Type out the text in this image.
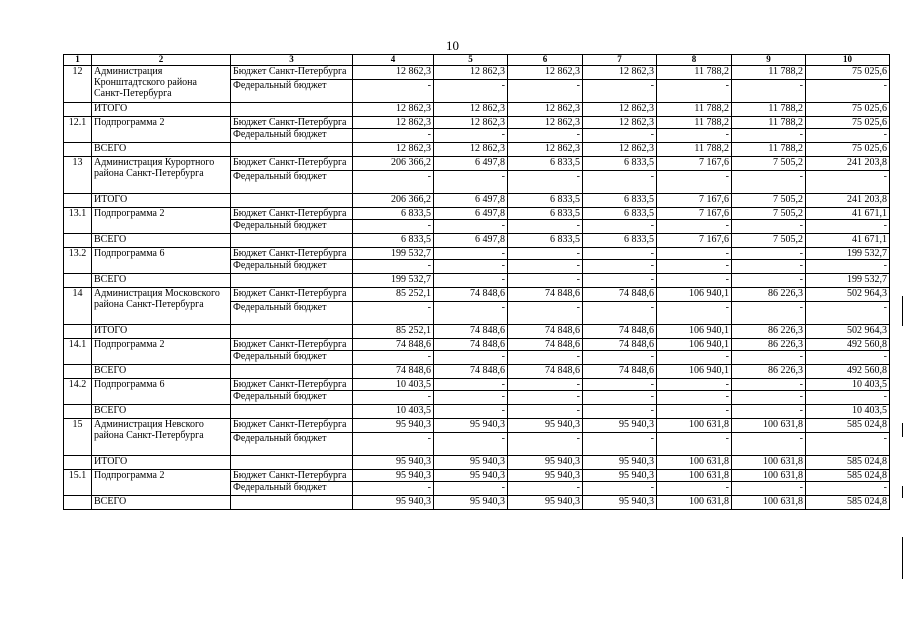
10
1	2	3	4	5	6	7	8	9	10
12	Администрация Кронштадтского района Санкт-Петербурга	Бюджет Санкт-Петербурга	12 862,3	12 862,3	12 862,3	12 862,3	11 788,2	11 788,2	75 025,6
		Федеральный бюджет	-	-	-	-	-	-	-
	ИТОГО		12 862,3	12 862,3	12 862,3	12 862,3	11 788,2	11 788,2	75 025,6
12.1	Подпрограмма 2	Бюджет Санкт-Петербурга	12 862,3	12 862,3	12 862,3	12 862,3	11 788,2	11 788,2	75 025,6
		Федеральный бюджет	-	-	-	-	-	-	-
	ВСЕГО		12 862,3	12 862,3	12 862,3	12 862,3	11 788,2	11 788,2	75 025,6
13	Администрация Курортного района Санкт-Петербурга	Бюджет Санкт-Петербурга	206 366,2	6 497,8	6 833,5	6 833,5	7 167,6	7 505,2	241 203,8
		Федеральный бюджет	-	-	-	-	-	-	-
	ИТОГО		206 366,2	6 497,8	6 833,5	6 833,5	7 167,6	7 505,2	241 203,8
13.1	Подпрограмма 2	Бюджет Санкт-Петербурга	6 833,5	6 497,8	6 833,5	6 833,5	7 167,6	7 505,2	41 671,1
		Федеральный бюджет	-	-	-	-	-	-	-
	ВСЕГО		6 833,5	6 497,8	6 833,5	6 833,5	7 167,6	7 505,2	41 671,1
13.2	Подпрограмма 6	Бюджет Санкт-Петербурга	199 532,7	-	-	-	-	-	199 532,7
		Федеральный бюджет	-	-	-	-	-	-	-
	ВСЕГО		199 532,7	-	-	-	-	-	199 532,7
14	Администрация Московского района Санкт-Петербурга	Бюджет Санкт-Петербурга	85 252,1	74 848,6	74 848,6	74 848,6	106 940,1	86 226,3	502 964,3
		Федеральный бюджет	-	-	-	-	-	-	-
	ИТОГО		85 252,1	74 848,6	74 848,6	74 848,6	106 940,1	86 226,3	502 964,3
14.1	Подпрограмма 2	Бюджет Санкт-Петербурга	74 848,6	74 848,6	74 848,6	74 848,6	106 940,1	86 226,3	492 560,8
		Федеральный бюджет	-	-	-	-	-	-	-
	ВСЕГО		74 848,6	74 848,6	74 848,6	74 848,6	106 940,1	86 226,3	492 560,8
14.2	Подпрограмма 6	Бюджет Санкт-Петербурга	10 403,5	-	-	-	-	-	10 403,5
		Федеральный бюджет	-	-	-	-	-	-	-
	ВСЕГО		10 403,5	-	-	-	-	-	10 403,5
15	Администрация Невского района Санкт-Петербурга	Бюджет Санкт-Петербурга	95 940,3	95 940,3	95 940,3	95 940,3	100 631,8	100 631,8	585 024,8
		Федеральный бюджет	-	-	-	-	-	-	-
	ИТОГО		95 940,3	95 940,3	95 940,3	95 940,3	100 631,8	100 631,8	585 024,8
15.1	Подпрограмма 2	Бюджет Санкт-Петербурга	95 940,3	95 940,3	95 940,3	95 940,3	100 631,8	100 631,8	585 024,8
		Федеральный бюджет	-	-	-	-	-	-	-
	ВСЕГО		95 940,3	95 940,3	95 940,3	95 940,3	100 631,8	100 631,8	585 024,8
